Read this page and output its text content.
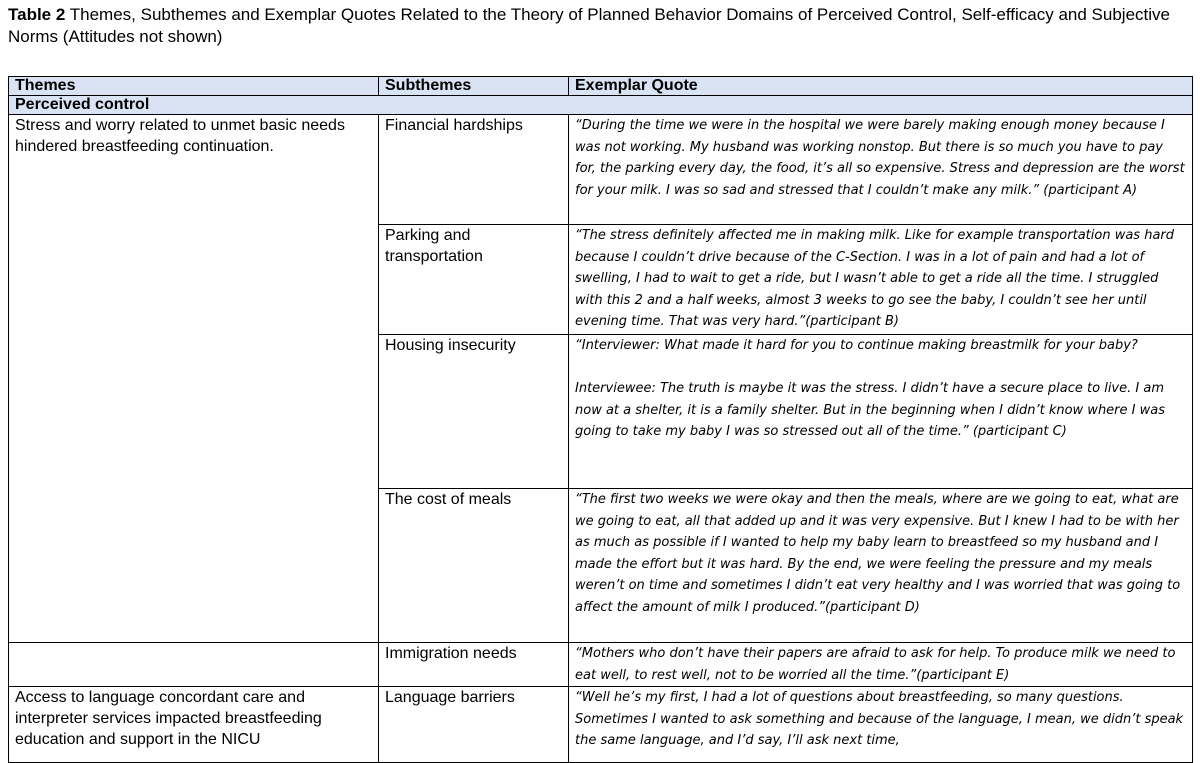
Table 2 Themes, Subthemes and Exemplar Quotes Related to the Theory of Planned Behavior Domains of Perceived Control, Self-efficacy and Subjective Norms (Attitudes not shown)
Themes	Subthemes	Exemplar Quote
Perceived control		
Stress and worry related to unmet basic needs hindered breastfeeding continuation.	Financial hardships	“During the time we were in the hospital we were barely making enough money because I was not working. My husband was working nonstop. But there is so much you have to pay for, the parking every day, the food, it’s all so expensive. Stress and depression are the worst for your milk. I was so sad and stressed that I couldn’t make any milk.” (participant A)
	Parking and transportation	“The stress definitely affected me in making milk. Like for example transportation was hard because I couldn’t drive because of the C-Section. I was in a lot of pain and had a lot of swelling, I had to wait to get a ride, but I wasn’t able to get a ride all the time. I struggled with this 2 and a half weeks, almost 3 weeks to go see the baby, I couldn’t see her until evening time. That was very hard.”(participant B)
	Housing insecurity	“Interviewer: What made it hard for you to continue making breastmilk for your baby?
Interviewee: The truth is maybe it was the stress. I didn’t have a secure place to live. I am now at a shelter, it is a family shelter. But in the beginning when I didn’t know where I was going to take my baby I was so stressed out all of the time.” (participant C)

	The cost of meals	“The first two weeks we were okay and then the meals, where are we going to eat, what are we going to eat, all that added up and it was very expensive. But I knew I had to be with her as much as possible if I wanted to help my baby learn to breastfeed so my husband and I made the effort but it was hard. By the end, we were feeling the pressure and my meals weren’t on time and sometimes I didn’t eat very healthy and I was worried that was going to affect the amount of milk I produced.”(participant D)
	Immigration needs	“Mothers who don’t have their papers are afraid to ask for help. To produce milk we need to eat well, to rest well, not to be worried all the time.”(participant E)
Access to language concordant care and interpreter services impacted breastfeeding education and support in the NICU	Language barriers	“Well he’s my first, I had a lot of questions about breastfeeding, so many questions. Sometimes I wanted to ask something and because of the language, I mean, we didn’t speak the same language, and I’d say, I’ll ask next time,
